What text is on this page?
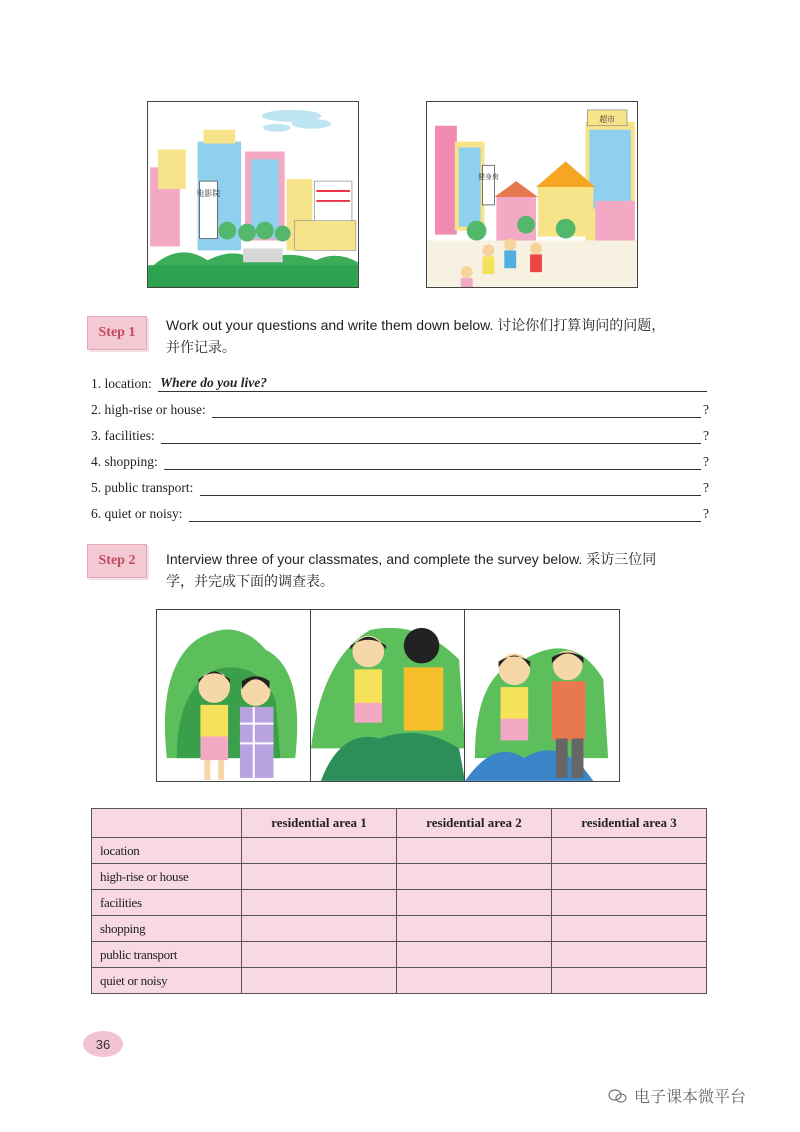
电影院
健身房
超市
Step 1 Work out your questions and write them down below. 讨论你们打算询问的问题，
并作记录。
1. location: Where do you live?
2. high-rise or house:	?
3. facilities:	?
4. shopping:	?
5. public transport:	?
6. quiet or noisy:	?
Step 2 Interview three of your classmates, and complete the survey below. 采访三位同
学，并完成下面的调查表。
	residential area 1	residential area 2	residential area 3
location			
high-rise or house			
facilities			
shopping			
public transport			
quiet or noisy			
36
电子课本微平台
